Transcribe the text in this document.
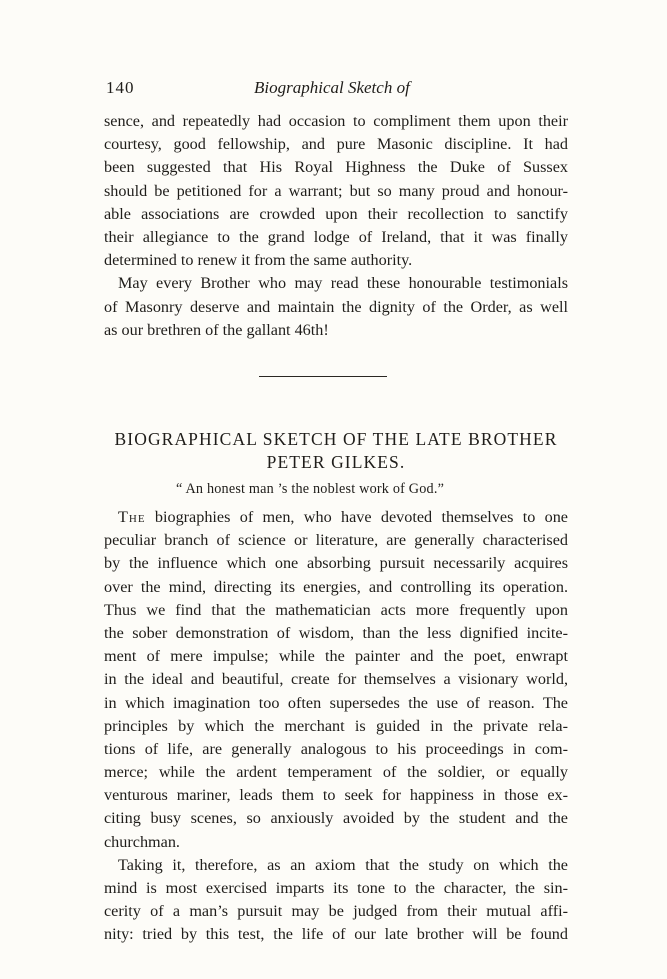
140	Biographical Sketch of
sence, and repeatedly had occasion to compliment them upon their
courtesy, good fellowship, and pure Masonic discipline. It had
been suggested that His Royal Highness the Duke of Sussex
should be petitioned for a warrant; but so many proud and honour-
able associations are crowded upon their recollection to sanctify
their allegiance to the grand lodge of Ireland, that it was finally
determined to renew it from the same authority.
May every Brother who may read these honourable testimonials
of Masonry deserve and maintain the dignity of the Order, as well
as our brethren of the gallant 46th!
BIOGRAPHICAL SKETCH OF THE LATE BROTHER
PETER GILKES.
“ An honest man ’s the noblest work of God.”
The biographies of men, who have devoted themselves to one
peculiar branch of science or literature, are generally characterised
by the influence which one absorbing pursuit necessarily acquires
over the mind, directing its energies, and controlling its operation.
Thus we find that the mathematician acts more frequently upon
the sober demonstration of wisdom, than the less dignified incite-
ment of mere impulse; while the painter and the poet, enwrapt
in the ideal and beautiful, create for themselves a visionary world,
in which imagination too often supersedes the use of reason. The
principles by which the merchant is guided in the private rela-
tions of life, are generally analogous to his proceedings in com-
merce; while the ardent temperament of the soldier, or equally
venturous mariner, leads them to seek for happiness in those ex-
citing busy scenes, so anxiously avoided by the student and the
churchman.
Taking it, therefore, as an axiom that the study on which the
mind is most exercised imparts its tone to the character, the sin-
cerity of a man’s pursuit may be judged from their mutual affi-
nity: tried by this test, the life of our late brother will be found
